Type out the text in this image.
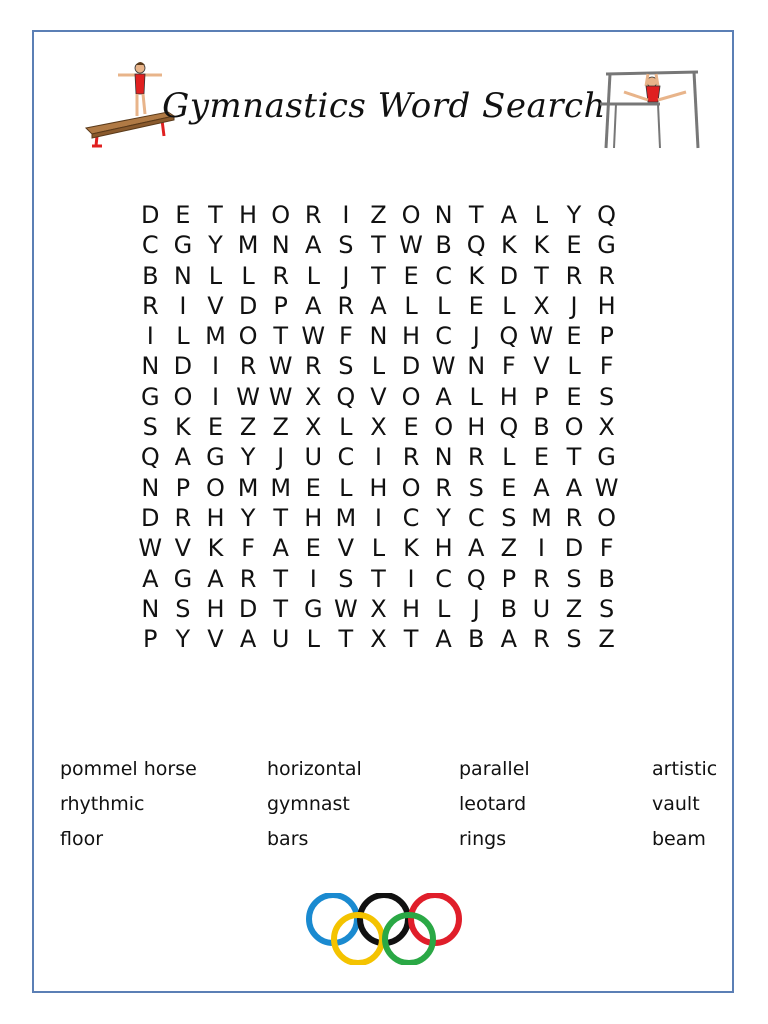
Gymnastics Word Search
D E T H O R I Z O N T A L Y Q
C G Y M N A S T W B Q K K E G
B N L L R L J T E C K D T R R
R I V D P A R A L L E L X J H
I L M O T W F N H C J Q W E P
N D I R W R S L D W N F V L F
G O I W W X Q V O A L H P E S
S K E Z Z X L X E O H Q B O X
Q A G Y J U C I R N R L E T G
N P O M M E L H O R S E A A W
D R H Y T H M I C Y C S M R O
W V K F A E V L K H A Z I D F
A G A R T I S T I C Q P R S B
N S H D T G W X H L J B U Z S
P Y V A U L T X T A B A R S Z
pommel horse	horizontal	parallel	artistic
rhythmic	gymnast	leotard	vault
floor	bars	rings	beam
